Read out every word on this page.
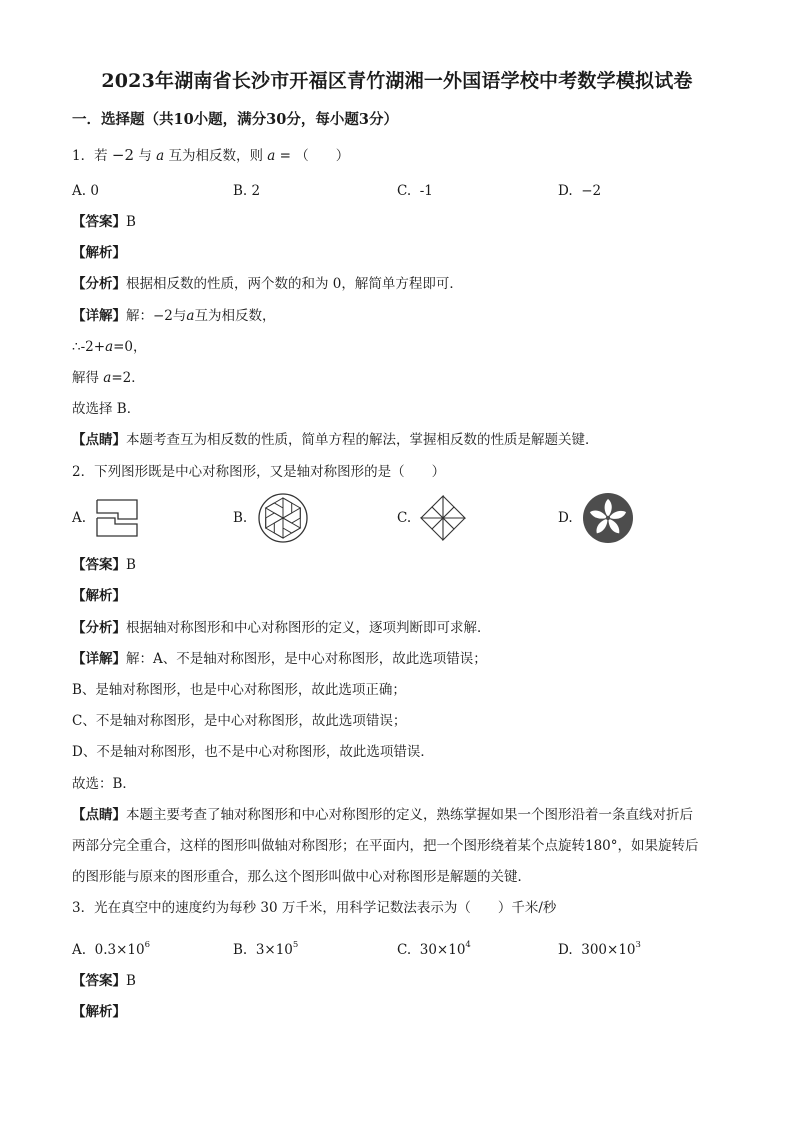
2023年湖南省长沙市开福区青竹湖湘一外国语学校中考数学模拟试卷
一．选择题（共10小题，满分30分，每小题3分）
1．若 −2 与 a 互为相反数，则 a = （　　）
A. 0	B. 2	C. -1	D. −2
【答案】B
【解析】
【分析】根据相反数的性质，两个数的和为 0，解简单方程即可．
【详解】解：−2与a互为相反数，
∴-2+a=0，
解得 a=2．
故选择 B．
【点睛】本题考查互为相反数的性质，简单方程的解法，掌握相反数的性质是解题关键．
2．下列图形既是中心对称图形，又是轴对称图形的是（　　）
A.	B.	C.	D.
【答案】B
【解析】
【分析】根据轴对称图形和中心对称图形的定义，逐项判断即可求解．
【详解】解：A、不是轴对称图形，是中心对称图形，故此选项错误；
B、是轴对称图形，也是中心对称图形，故此选项正确；
C、不是轴对称图形，是中心对称图形，故此选项错误；
D、不是轴对称图形，也不是中心对称图形，故此选项错误．
故选：B．
【点睛】本题主要考查了轴对称图形和中心对称图形的定义，熟练掌握如果一个图形沿着一条直线对折后
两部分完全重合，这样的图形叫做轴对称图形；在平面内，把一个图形绕着某个点旋转180°，如果旋转后
的图形能与原来的图形重合，那么这个图形叫做中心对称图形是解题的关键．
3．光在真空中的速度约为每秒 30 万千米，用科学记数法表示为（　　）千米/秒
A. $0.3\times 10^6$	B. $3\times 10^5$	C. $30\times 10^4$	D. $300\times 10^3$
【答案】B
【解析】
